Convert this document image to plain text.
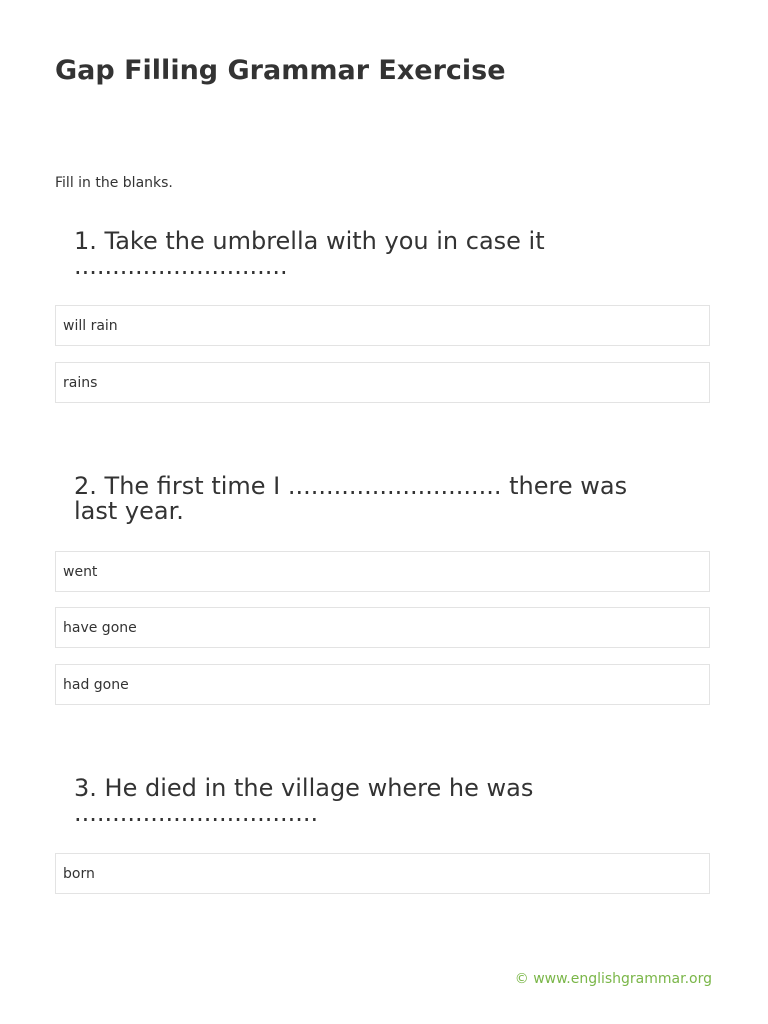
Gap Filling Grammar Exercise
Fill in the blanks.
1. Take the umbrella with you in case it ............................
will rain
rains
2. The first time I ............................ there was last year.
went
have gone
had gone
3. He died in the village where he was ................................
born
© www.englishgrammar.org
